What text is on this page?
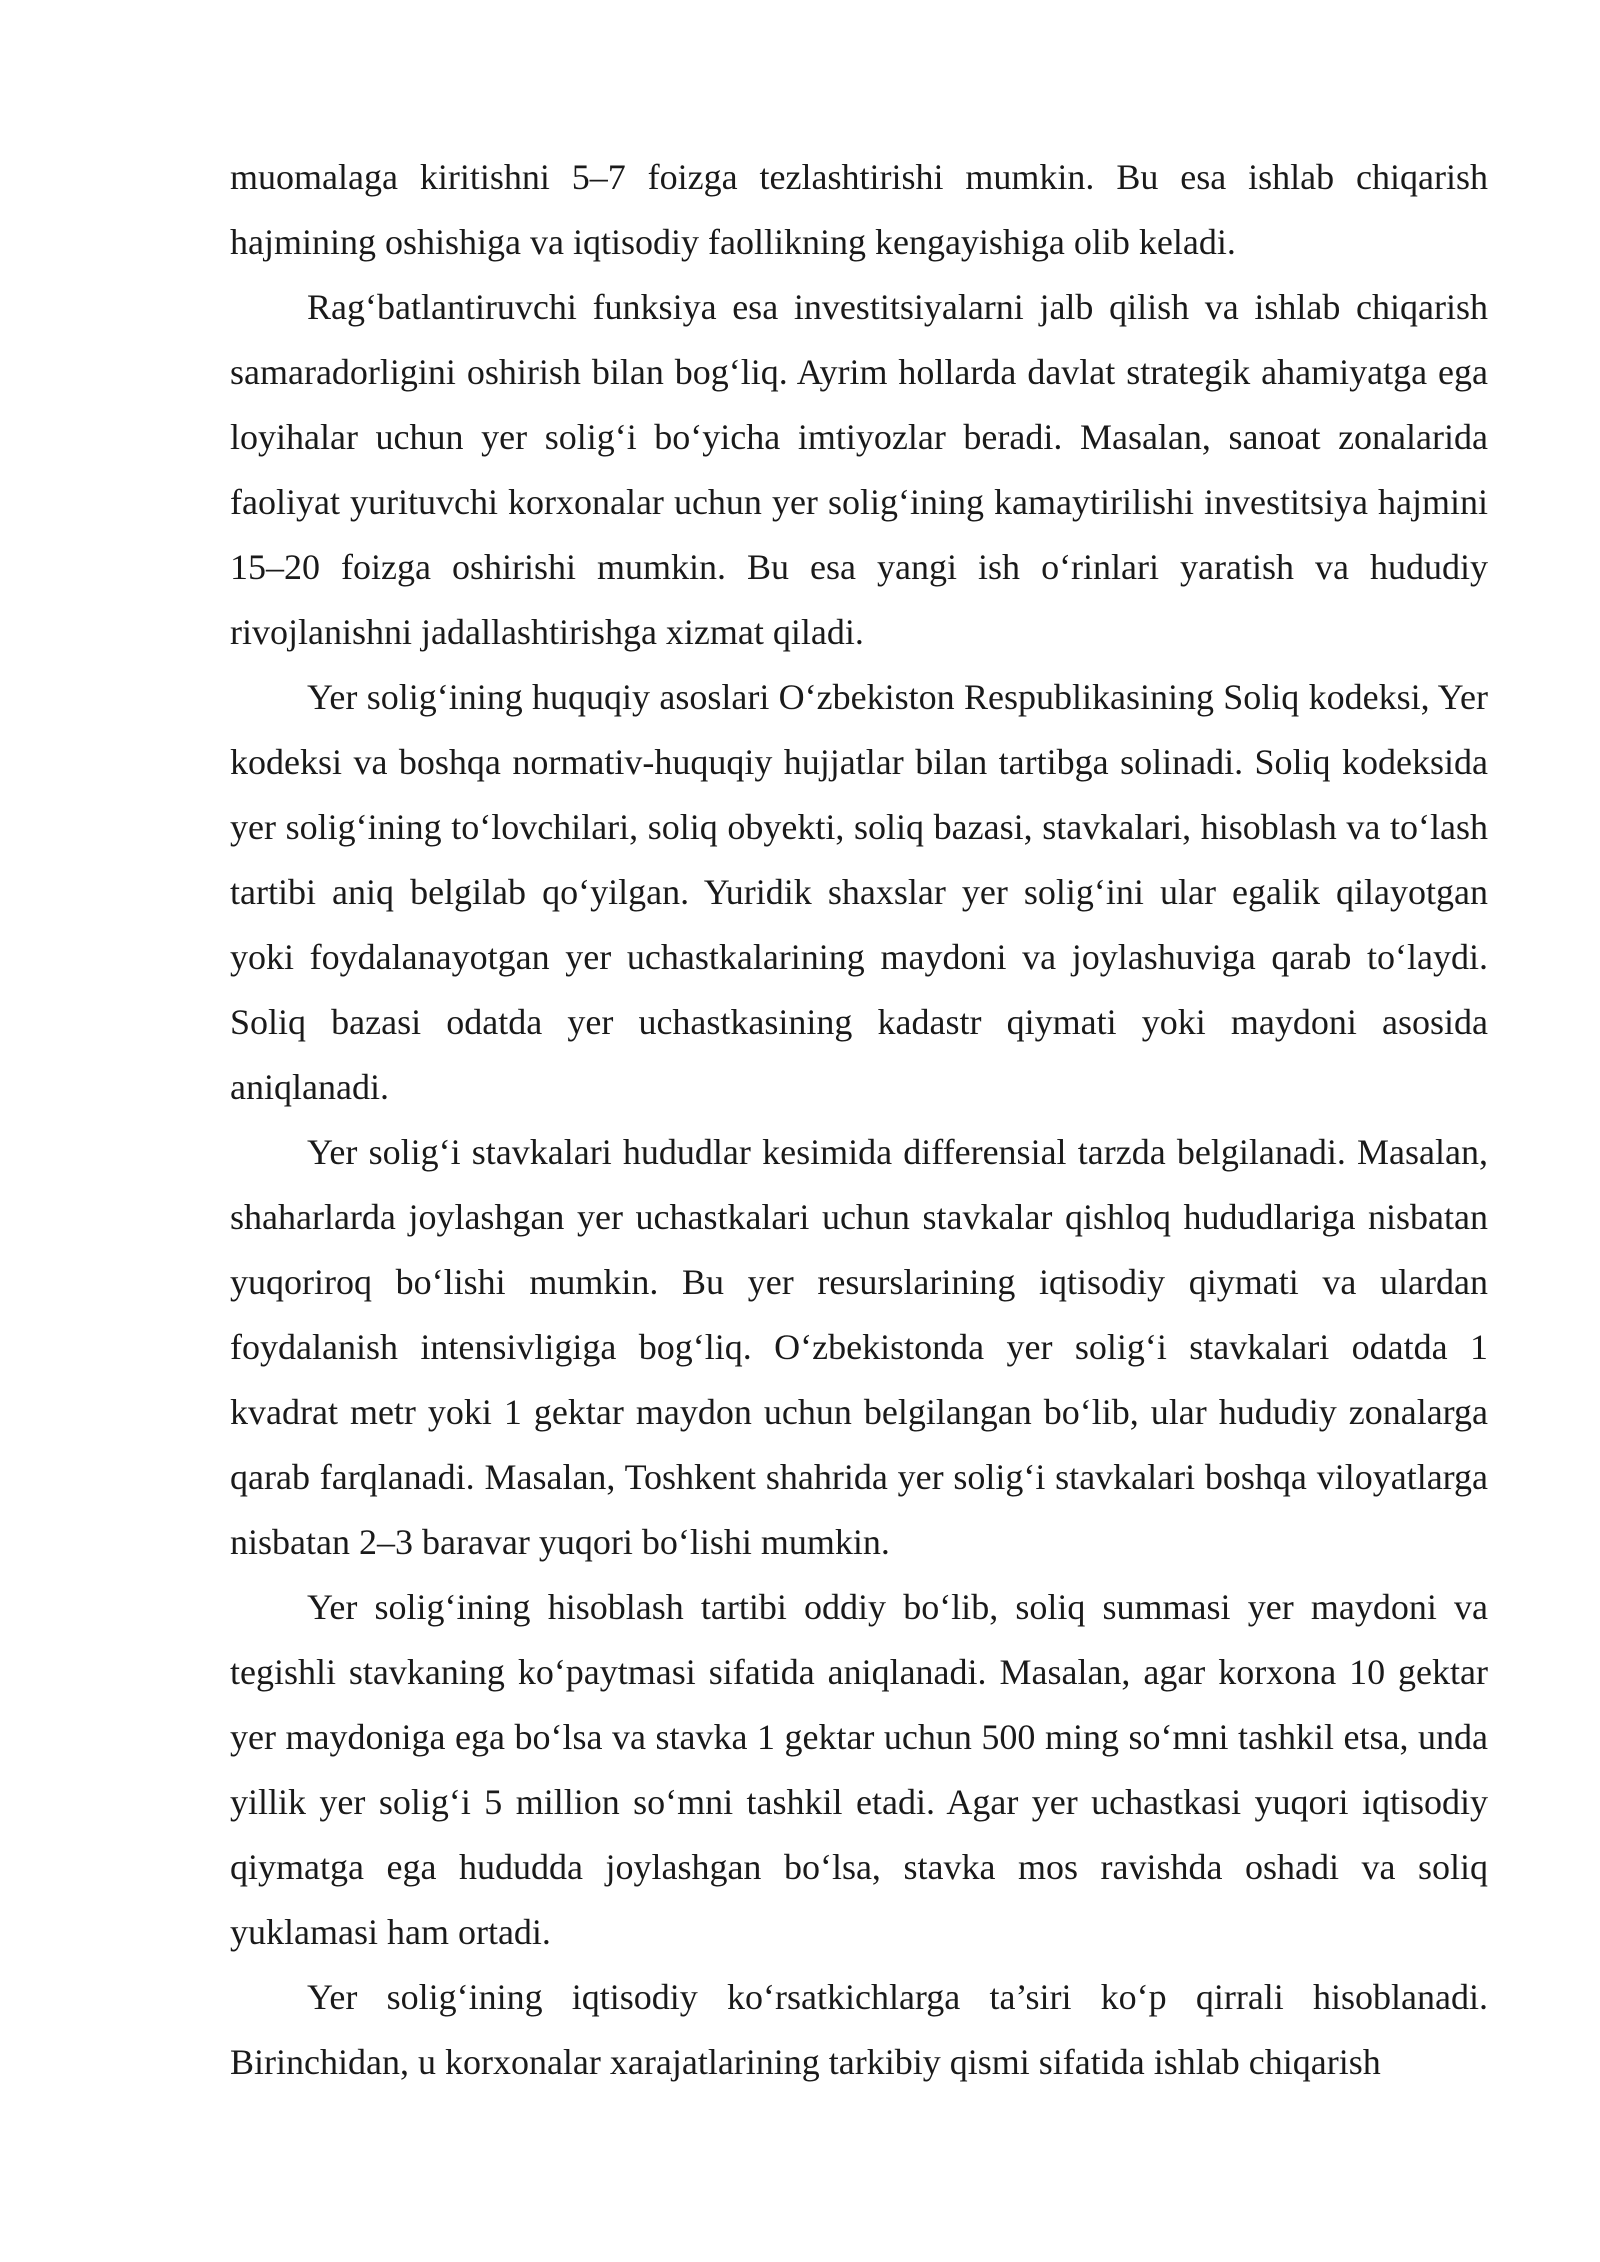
muomalaga kiritishni 5–7 foizga tezlashtirishi mumkin. Bu esa ishlab chiqarish hajmining oshishiga va iqtisodiy faollikning kengayishiga olib keladi.

Rag‘batlantiruvchi funksiya esa investitsiyalarni jalb qilish va ishlab chiqarish samaradorligini oshirish bilan bog‘liq. Ayrim hollarda davlat strategik ahamiyatga ega loyihalar uchun yer solig‘i bo‘yicha imtiyozlar beradi. Masalan, sanoat zonalarida faoliyat yurituvchi korxonalar uchun yer solig‘ining kamaytirilishi investitsiya hajmini 15–20 foizga oshirishi mumkin. Bu esa yangi ish o‘rinlari yaratish va hududiy rivojlanishni jadallashtirishga xizmat qiladi.

Yer solig‘ining huquqiy asoslari O‘zbekiston Respublikasining Soliq kodeksi, Yer kodeksi va boshqa normativ-huquqiy hujjatlar bilan tartibga solinadi. Soliq kodeksida yer solig‘ining to‘lovchilari, soliq obyekti, soliq bazasi, stavkalari, hisoblash va to‘lash tartibi aniq belgilab qo‘yilgan. Yuridik shaxslar yer solig‘ini ular egalik qilayotgan yoki foydalanayotgan yer uchastkalarining maydoni va joylashuviga qarab to‘laydi. Soliq bazasi odatda yer uchastkasining kadastr qiymati yoki maydoni asosida aniqlanadi.

Yer solig‘i stavkalari hududlar kesimida differensial tarzda belgilanadi. Masalan, shaharlarda joylashgan yer uchastkalari uchun stavkalar qishloq hududlariga nisbatan yuqoriroq bo‘lishi mumkin. Bu yer resurslarining iqtisodiy qiymati va ulardan foydalanish intensivligiga bog‘liq. O‘zbekistonda yer solig‘i stavkalari odatda 1 kvadrat metr yoki 1 gektar maydon uchun belgilangan bo‘lib, ular hududiy zonalarga qarab farqlanadi. Masalan, Toshkent shahrida yer solig‘i stavkalari boshqa viloyatlarga nisbatan 2–3 baravar yuqori bo‘lishi mumkin.

Yer solig‘ining hisoblash tartibi oddiy bo‘lib, soliq summasi yer maydoni va tegishli stavkaning ko‘paytmasi sifatida aniqlanadi. Masalan, agar korxona 10 gektar yer maydoniga ega bo‘lsa va stavka 1 gektar uchun 500 ming so‘mni tashkil etsa, unda yillik yer solig‘i 5 million so‘mni tashkil etadi. Agar yer uchastkasi yuqori iqtisodiy qiymatga ega hududda joylashgan bo‘lsa, stavka mos ravishda oshadi va soliq yuklamasi ham ortadi.

Yer solig‘ining iqtisodiy ko‘rsatkichlarga ta’siri ko‘p qirrali hisoblanadi. Birinchidan, u korxonalar xarajatlarining tarkibiy qismi sifatida ishlab chiqarish
